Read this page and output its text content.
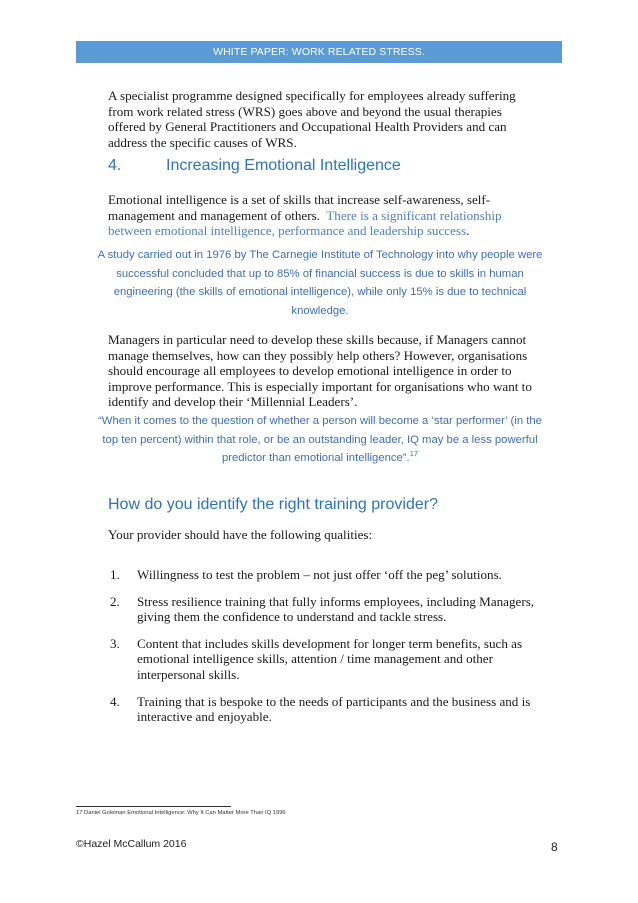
WHITE PAPER: WORK RELATED STRESS.

A specialist programme designed specifically for employees already suffering from work related stress (WRS) goes above and beyond the usual therapies offered by General Practitioners and Occupational Health Providers and can address the specific causes of WRS.

4.	Increasing Emotional Intelligence

Emotional intelligence is a set of skills that increase self-awareness, self-management and management of others. There is a significant relationship between emotional intelligence, performance and leadership success.

A study carried out in 1976 by The Carnegie Institute of Technology into why people were successful concluded that up to 85% of financial success is due to skills in human engineering (the skills of emotional intelligence), while only 15% is due to technical knowledge.

Managers in particular need to develop these skills because, if Managers cannot manage themselves, how can they possibly help others? However, organisations should encourage all employees to develop emotional intelligence in order to improve performance. This is especially important for organisations who want to identify and develop their ‘Millennial Leaders’.

“When it comes to the question of whether a person will become a ‘star performer’ (in the top ten percent) within that role, or be an outstanding leader, IQ may be a less powerful predictor than emotional intelligence”.$^{17}$

How do you identify the right training provider?

Your provider should have the following qualities:

1.	Willingness to test the problem – not just offer ‘off the peg’ solutions.
2.	Stress resilience training that fully informs employees, including Managers, giving them the confidence to understand and tackle stress.
3.	Content that includes skills development for longer term benefits, such as emotional intelligence skills, attention / time management and other interpersonal skills.
4.	Training that is bespoke to the needs of participants and the business and is interactive and enjoyable.
17 Daniel Goleman Emotional Intelligence: Why It Can Matter More Than IQ 1996
©Hazel McCallum 2016	8
